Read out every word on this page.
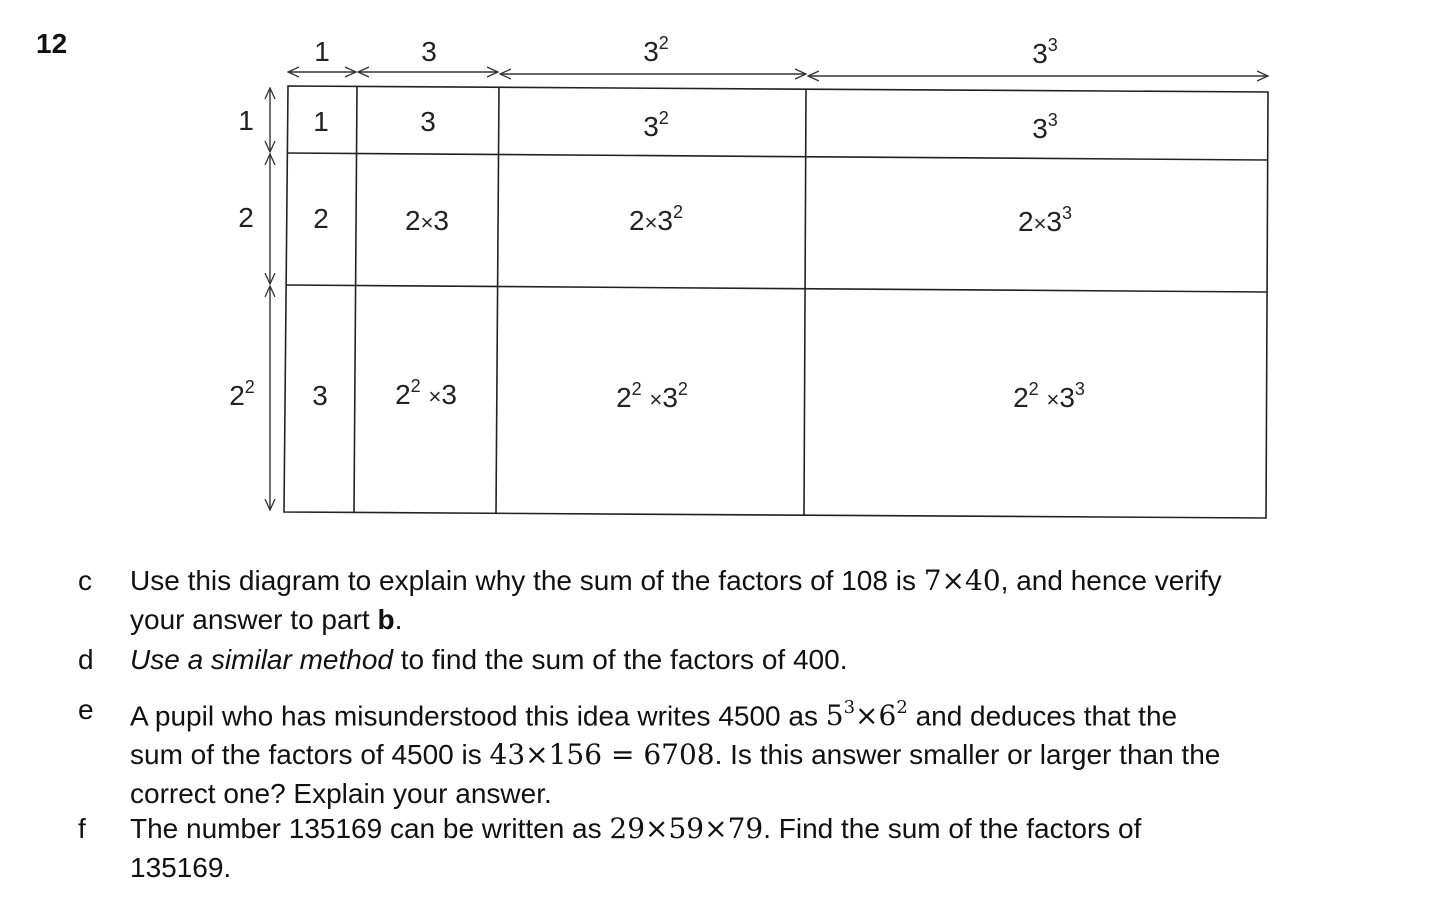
12	1	3	$3^2$	$3^3$
1
2
$2^2$
1	3	$3^2$	$3^3$
2	2×3	$2\times 3^2$	$2\times 3^3$
3 $2^2 \times 3$	$2^2 \times 3^2$	$2^2 \times 3^3$
c Use this diagram to explain why the sum of the factors of 108 is 7×40, and hence verify
your answer to part b.
d Use a similar method to find the sum of the factors of 400.
e A pupil who has misunderstood this idea writes 4500 as $5^3\times 6^2$ and deduces that the
sum of the factors of 4500 is 43×156 = 6708. Is this answer smaller or larger than the
correct one? Explain your answer.
f The number 135169 can be written as 29×59×79. Find the sum of the factors of
135169.
